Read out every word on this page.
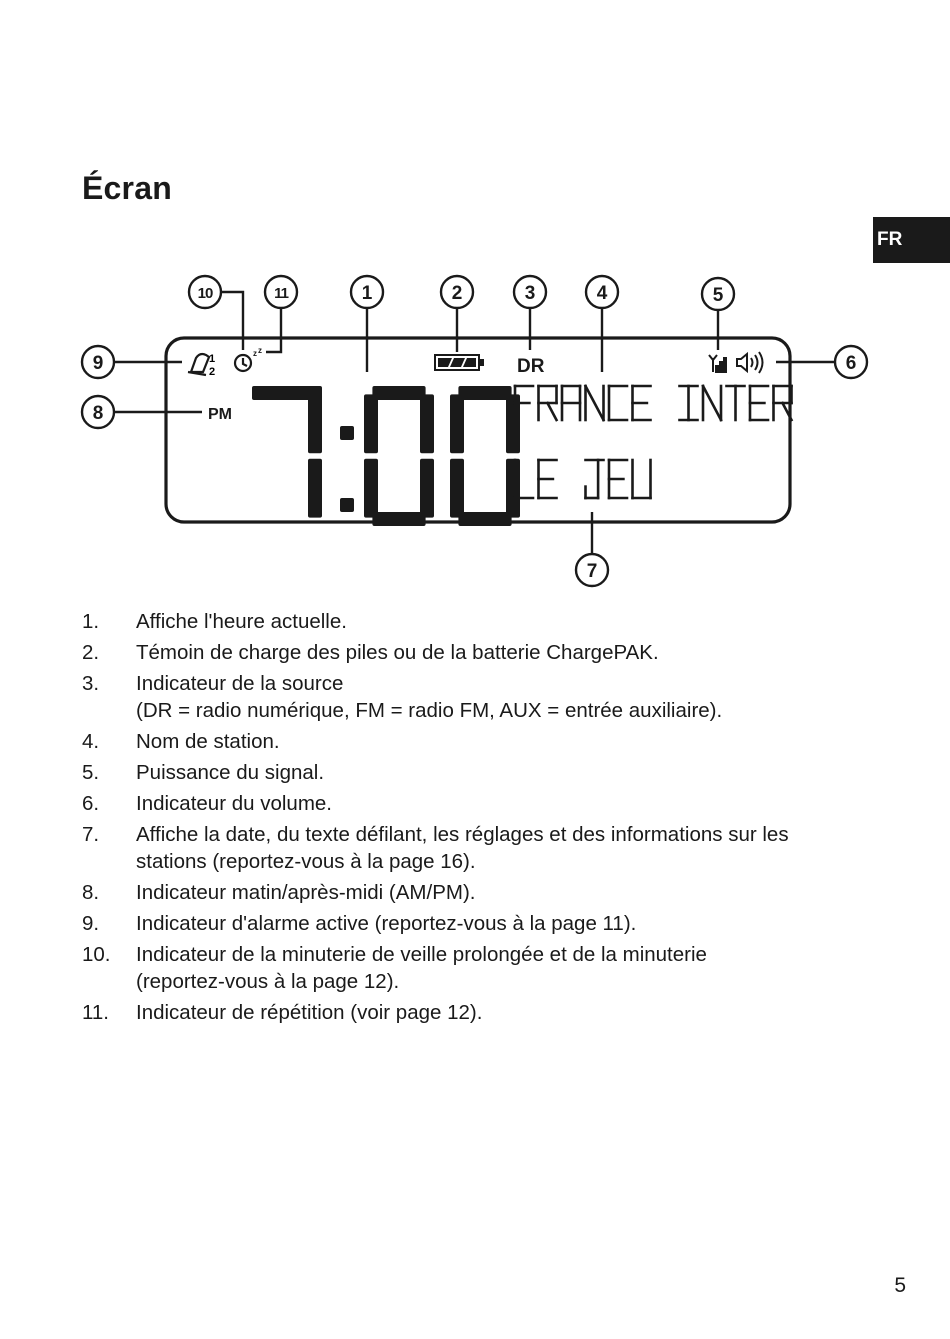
Écran
FR
1	2	3	4	5
6
7
8
9
10	11
1
2
z z
DR
PM
1.	Affiche l'heure actuelle.
2.	Témoin de charge des piles ou de la batterie ChargePAK.
3.	Indicateur de la source
(DR = radio numérique, FM = radio FM, AUX = entrée auxiliaire).
4.	Nom de station.
5.	Puissance du signal.
6.	Indicateur du volume.
7.	Affiche la date, du texte défilant, les réglages et des informations sur les
stations (reportez-vous à la page 16).
8.	Indicateur matin/après-midi (AM/PM).
9.	Indicateur d'alarme active (reportez-vous à la page 11).
10.	Indicateur de la minuterie de veille prolongée et de la minuterie
(reportez-vous à la page 12).
11.	Indicateur de répétition (voir page 12).
5
